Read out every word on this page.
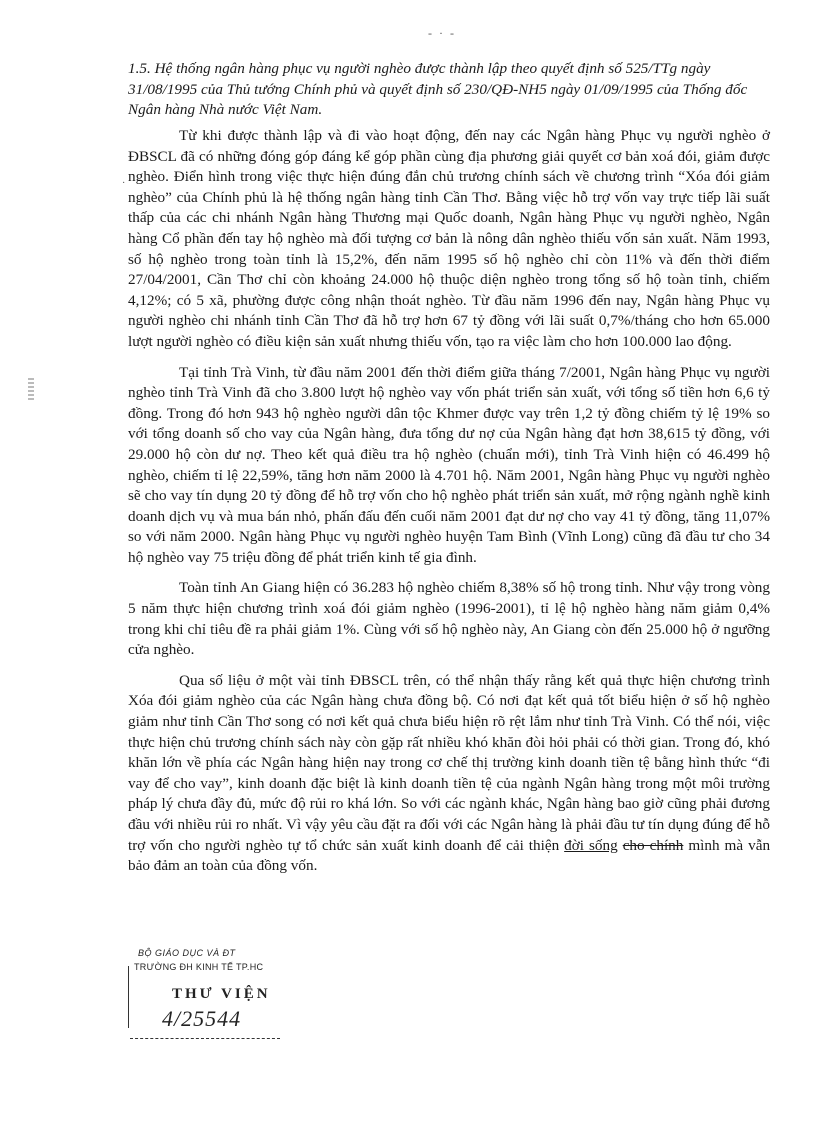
- · -
·

1.5. Hệ thống ngân hàng phục vụ người nghèo được thành lập theo quyết định số 525/TTg ngày 31/08/1995 của Thủ tướng Chính phủ và quyết định số 230/QĐ-NH5 ngày 01/09/1995 của Thống đốc Ngân hàng Nhà nước Việt Nam.

Từ khi được thành lập và đi vào hoạt động, đến nay các Ngân hàng Phục vụ người nghèo ở ĐBSCL đã có những đóng góp đáng kể góp phần cùng địa phương giải quyết cơ bản xoá đói, giảm được nghèo. Điển hình trong việc thực hiện đúng đắn chủ trương chính sách về chương trình “Xóa đói giảm nghèo” của Chính phủ là hệ thống ngân hàng tỉnh Cần Thơ. Bằng việc hỗ trợ vốn vay trực tiếp lãi suất thấp của các chi nhánh Ngân hàng Thương mại Quốc doanh, Ngân hàng Phục vụ người nghèo, Ngân hàng Cổ phần đến tay hộ nghèo mà đối tượng cơ bản là nông dân nghèo thiếu vốn sản xuất. Năm 1993, số hộ nghèo trong toàn tỉnh là 15,2%, đến năm 1995 số hộ nghèo chỉ còn 11% và đến thời điểm 27/04/2001, Cần Thơ chỉ còn khoảng 24.000 hộ thuộc diện nghèo trong tổng số hộ toàn tỉnh, chiếm 4,12%; có 5 xã, phường được công nhận thoát nghèo. Từ đầu năm 1996 đến nay, Ngân hàng Phục vụ người nghèo chi nhánh tỉnh Cần Thơ đã hỗ trợ hơn 67 tỷ đồng với lãi suất 0,7%/tháng cho hơn 65.000 lượt người nghèo có điều kiện sản xuất nhưng thiếu vốn, tạo ra việc làm cho hơn 100.000 lao động.

Tại tỉnh Trà Vinh, từ đầu năm 2001 đến thời điểm giữa tháng 7/2001, Ngân hàng Phục vụ người nghèo tỉnh Trà Vinh đã cho 3.800 lượt hộ nghèo vay vốn phát triển sản xuất, với tổng số tiền hơn 6,6 tỷ đồng. Trong đó hơn 943 hộ nghèo người dân tộc Khmer được vay trên 1,2 tỷ đồng chiếm tỷ lệ 19% so với tổng doanh số cho vay của Ngân hàng, đưa tổng dư nợ của Ngân hàng đạt hơn 38,615 tỷ đồng, với 29.000 hộ còn dư nợ. Theo kết quả điều tra hộ nghèo (chuẩn mới), tỉnh Trà Vinh hiện có 46.499 hộ nghèo, chiếm tỉ lệ 22,59%, tăng hơn năm 2000 là 4.701 hộ. Năm 2001, Ngân hàng Phục vụ người nghèo sẽ cho vay tín dụng 20 tỷ đồng để hỗ trợ vốn cho hộ nghèo phát triển sản xuất, mở rộng ngành nghề kinh doanh dịch vụ và mua bán nhỏ, phấn đấu đến cuối năm 2001 đạt dư nợ cho vay 41 tỷ đồng, tăng 11,07% so với năm 2000. Ngân hàng Phục vụ người nghèo huyện Tam Bình (Vĩnh Long) cũng đã đầu tư cho 34 hộ nghèo vay 75 triệu đồng để phát triển kinh tế gia đình.

Toàn tỉnh An Giang hiện có 36.283 hộ nghèo chiếm 8,38% số hộ trong tỉnh. Như vậy trong vòng 5 năm thực hiện chương trình xoá đói giảm nghèo (1996-2001), tỉ lệ hộ nghèo hàng năm giảm 0,4% trong khi chỉ tiêu đề ra phải giảm 1%. Cùng với số hộ nghèo này, An Giang còn đến 25.000 hộ ở ngưỡng cửa nghèo.

Qua số liệu ở một vài tỉnh ĐBSCL trên, có thể nhận thấy rằng kết quả thực hiện chương trình Xóa đói giảm nghèo của các Ngân hàng chưa đồng bộ. Có nơi đạt kết quả tốt biểu hiện ở số hộ nghèo giảm như tỉnh Cần Thơ song có nơi kết quả chưa biểu hiện rõ rệt lắm như tỉnh Trà Vinh. Có thể nói, việc thực hiện chủ trương chính sách này còn gặp rất nhiều khó khăn đòi hỏi phải có thời gian. Trong đó, khó khăn lớn về phía các Ngân hàng hiện nay trong cơ chế thị trường kinh doanh tiền tệ bằng hình thức “đi vay để cho vay”, kinh doanh đặc biệt là kinh doanh tiền tệ của ngành Ngân hàng trong một môi trường pháp lý chưa đầy đủ, mức độ rủi ro khá lớn. So với các ngành khác, Ngân hàng bao giờ cũng phải đương đầu với nhiều rủi ro nhất. Vì vậy yêu cầu đặt ra đối với các Ngân hàng là phải đầu tư tín dụng đúng để hỗ trợ vốn cho người nghèo tự tổ chức sản xuất kinh doanh để cải thiện đời sống cho chính mình mà vẫn bảo đảm an toàn của đồng vốn.

BỘ GIÁO DỤC VÀ ĐT
TRƯỜNG ĐH KINH TẾ TP.HC
THƯ VIỆN
4/25544
